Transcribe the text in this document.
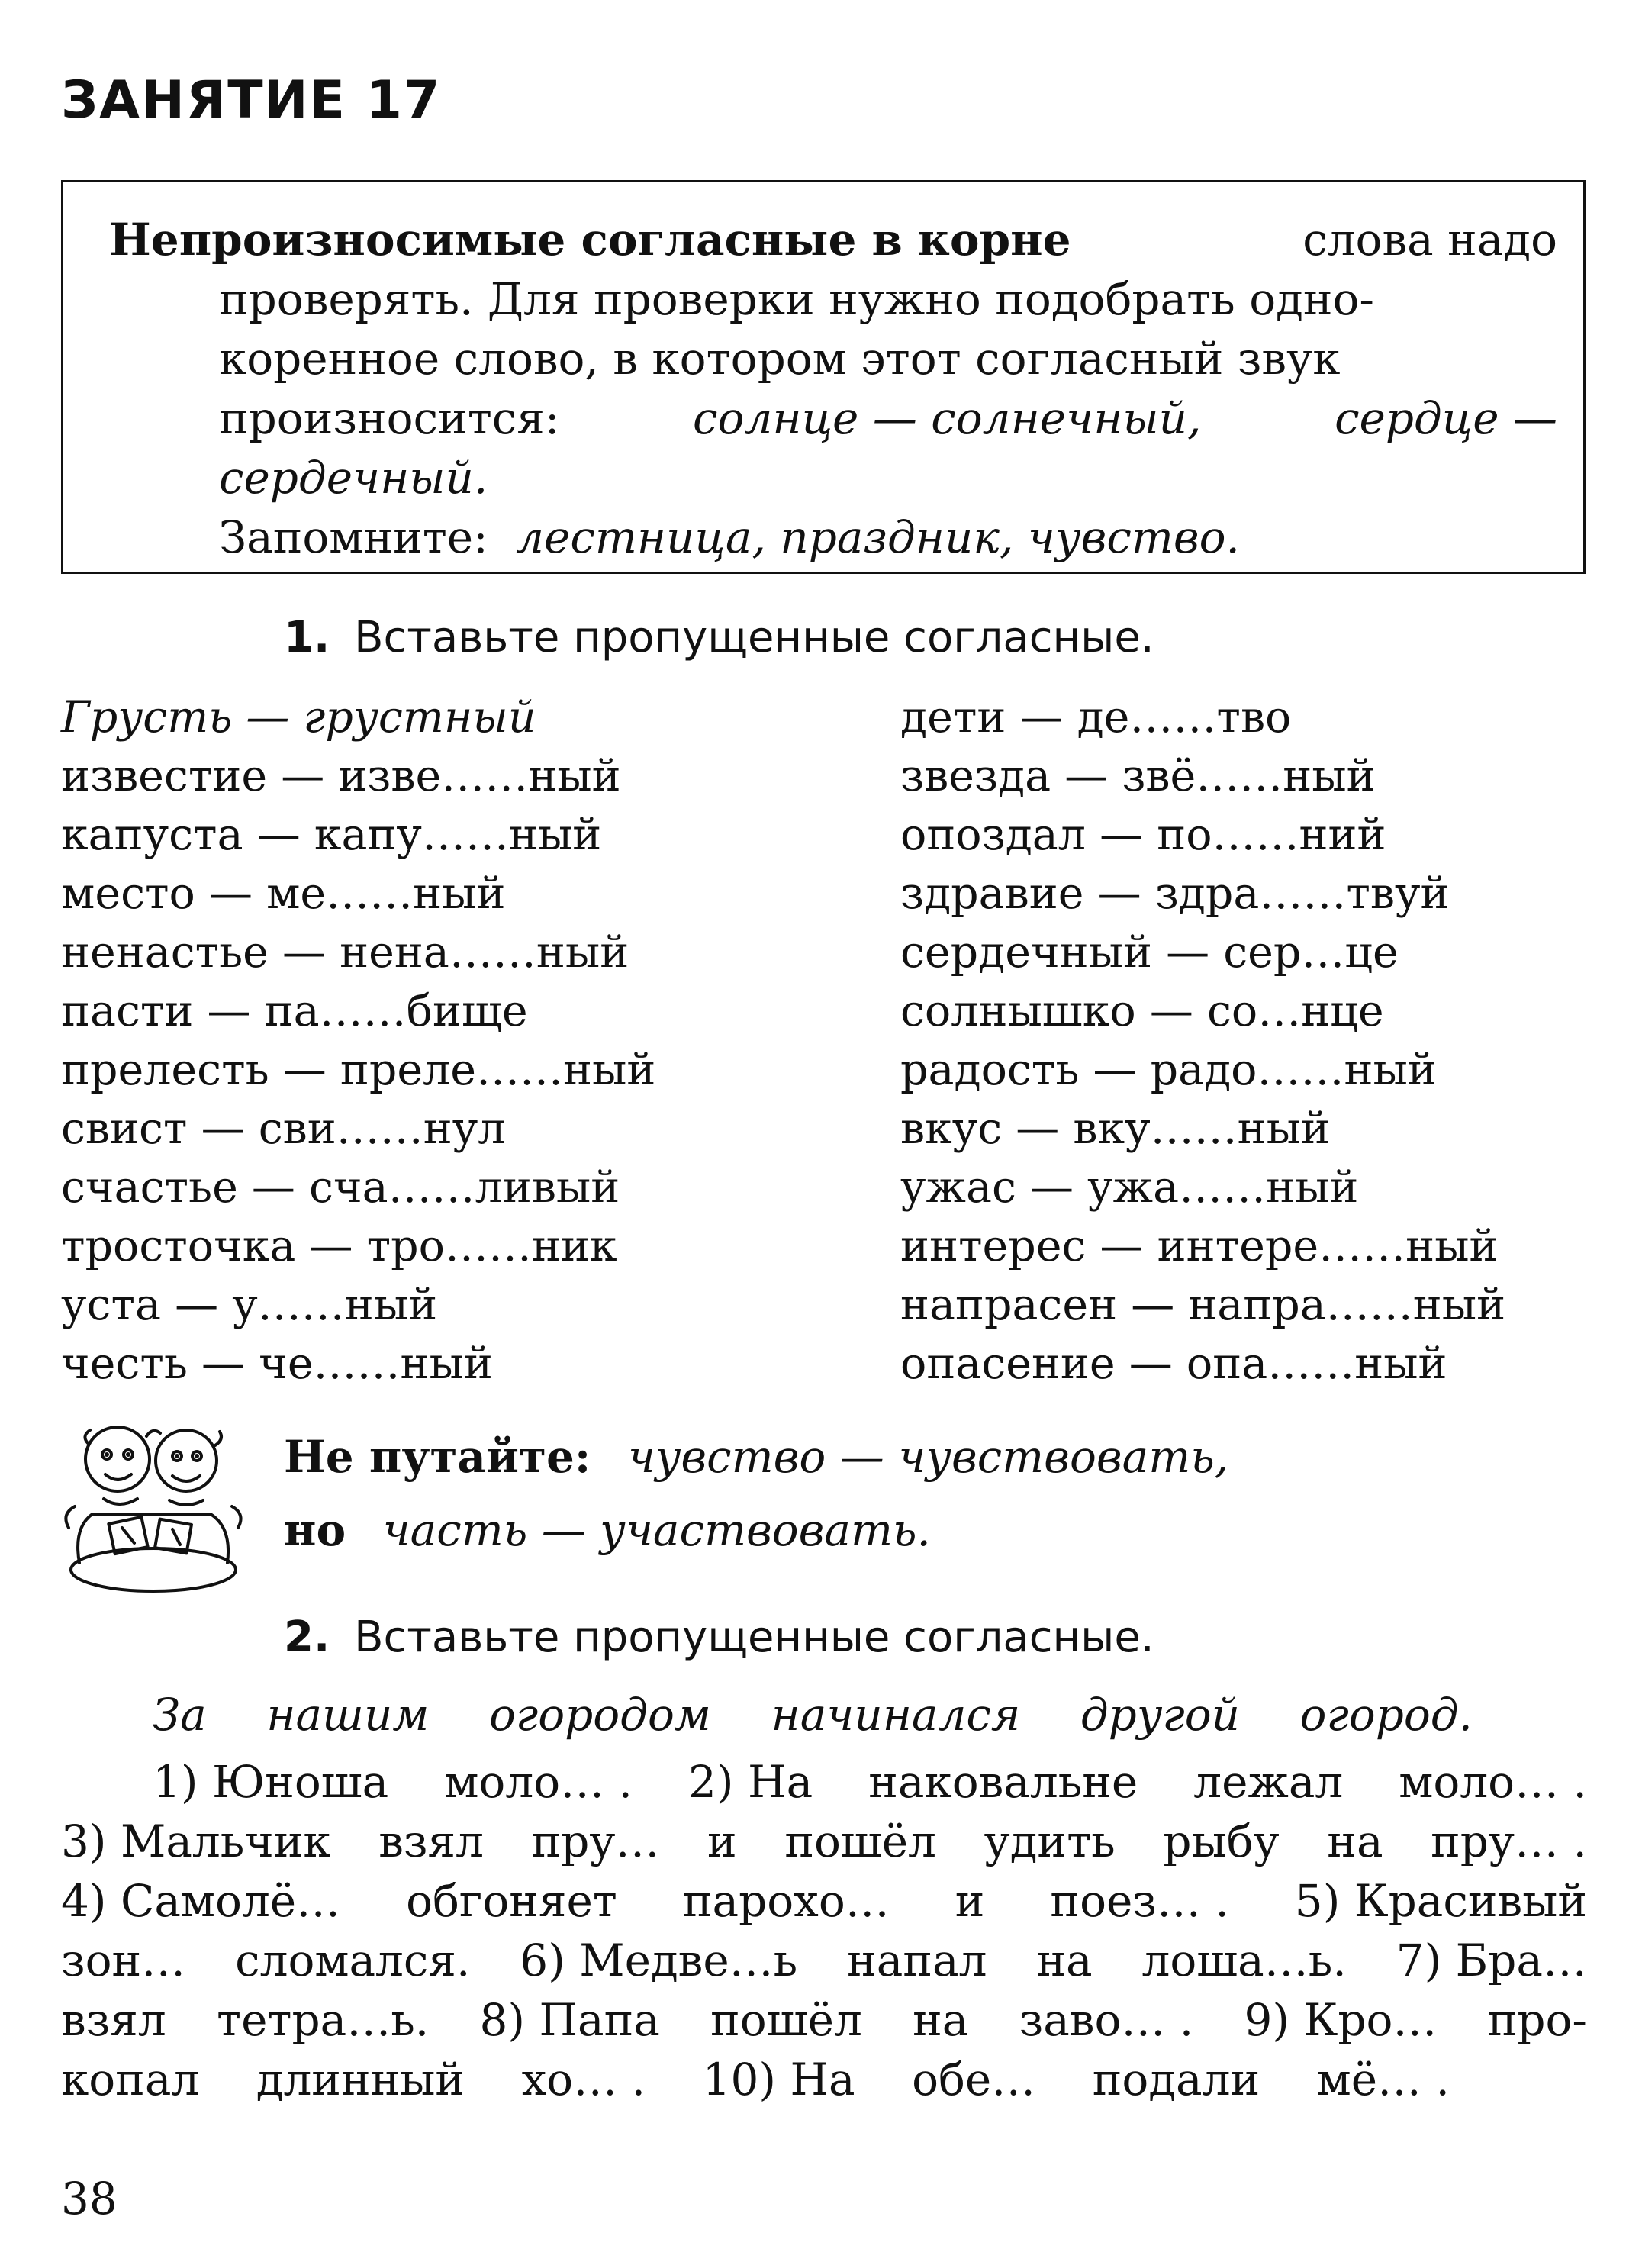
ЗАНЯТИЕ 17
Непроизносимые согласные в корне	слова надо
проверять. Для проверки нужно подобрать одно-
коренное слово, в котором этот согласный звук
произносится:	солнце — солнечный,	сердце —
сердечный.
Запомните: лестница, праздник, чувство.
1. Вставьте пропущенные согласные.
Грусть — грустный
известие — изве……ный
капуста — капу……ный
место — ме……ный
ненастье — нена……ный
пасти — па……бище
прелесть — преле……ный
свист — сви……нул
счастье — сча……ливый
тросточка — тро……ник
уста — у……ный
честь — че……ный
дети — де……тво
звезда — звё……ный
опоздал — по……ний
здравие — здра……твуй
сердечный — сер…це
солнышко — со…нце
радость — радо……ный
вкус — вку……ный
ужас — ужа……ный
интерес — интере……ный
напрасен — напра……ный
опасение — опа……ный
Не путайте: чувство — чувствовать,
но часть — участвовать.
2. Вставьте пропущенные согласные.
За нашим огородом начинался другой огород.
1) Юноша моло… . 2) На наковальне лежал моло… .
3) Мальчик взял пру… и пошёл удить рыбу на пру… .
4) Самолё… обгоняет парохо… и поез… . 5) Красивый
зон… сломался. 6) Медве…ь напал на лоша…ь. 7) Бра…
взял тетра…ь. 8) Папа пошёл на заво… . 9) Кро… про-
копал длинный хо… . 10) На обе… подали мё… .
38
